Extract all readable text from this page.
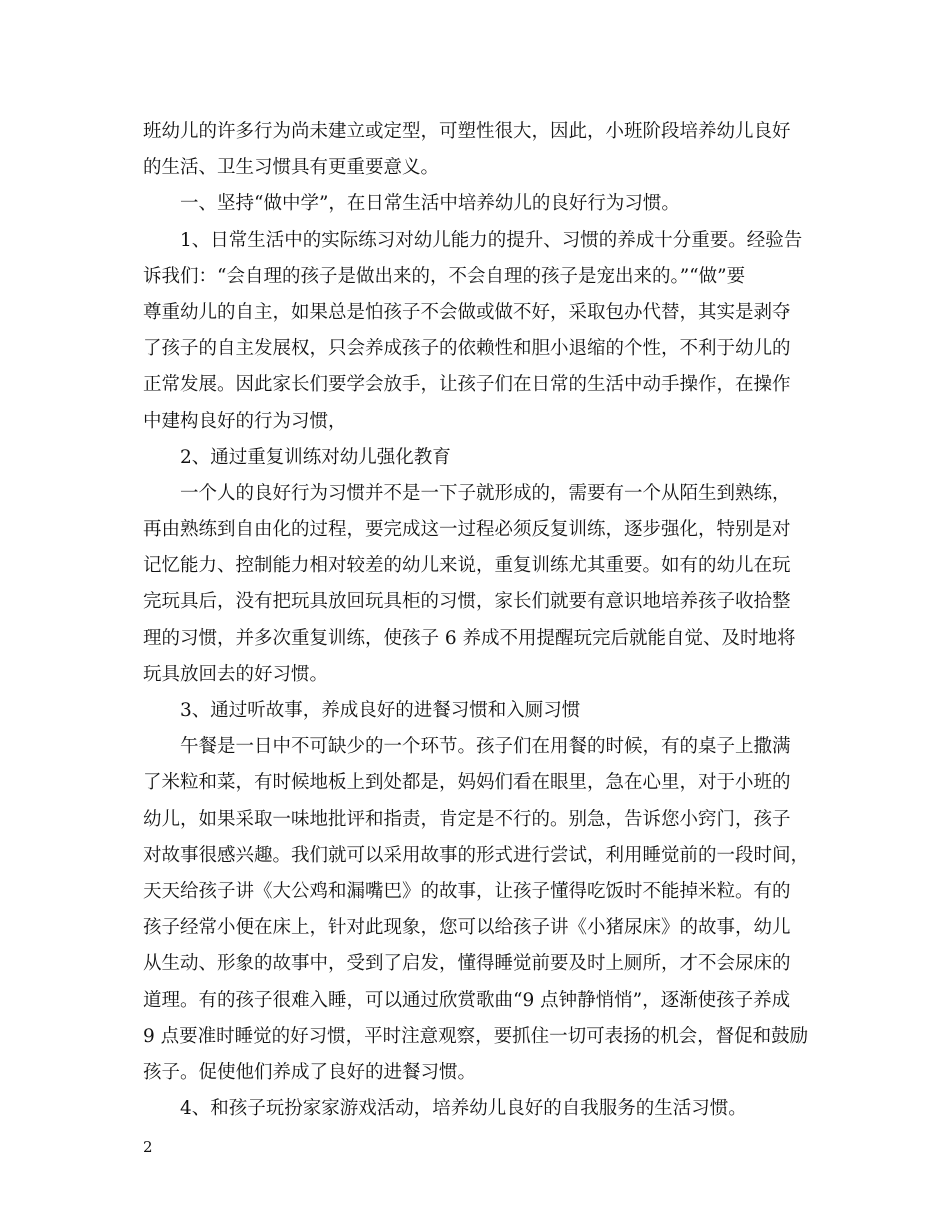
班幼儿的许多行为尚未建立或定型，可塑性很大，因此，小班阶段培养幼儿良好
的生活、卫生习惯具有更重要意义。
一、坚持“做中学”，在日常生活中培养幼儿的良好行为习惯。
1、日常生活中的实际练习对幼儿能力的提升、习惯的养成十分重要。经验告
诉我们：“会自理的孩子是做出来的，不会自理的孩子是宠出来的。”“做”要
尊重幼儿的自主，如果总是怕孩子不会做或做不好，采取包办代替，其实是剥夺
了孩子的自主发展权，只会养成孩子的依赖性和胆小退缩的个性，不利于幼儿的
正常发展。因此家长们要学会放手，让孩子们在日常的生活中动手操作，在操作
中建构良好的行为习惯，
2、通过重复训练对幼儿强化教育
一个人的良好行为习惯并不是一下子就形成的，需要有一个从陌生到熟练，
再由熟练到自由化的过程，要完成这一过程必须反复训练，逐步强化，特别是对
记忆能力、控制能力相对较差的幼儿来说，重复训练尤其重要。如有的幼儿在玩
完玩具后，没有把玩具放回玩具柜的习惯，家长们就要有意识地培养孩子收拾整
理的习惯，并多次重复训练，使孩子 6 养成不用提醒玩完后就能自觉、及时地将
玩具放回去的好习惯。
3、通过听故事，养成良好的进餐习惯和入厕习惯
午餐是一日中不可缺少的一个环节。孩子们在用餐的时候，有的桌子上撒满
了米粒和菜，有时候地板上到处都是，妈妈们看在眼里，急在心里，对于小班的
幼儿，如果采取一味地批评和指责，肯定是不行的。别急，告诉您小窍门，孩子
对故事很感兴趣。我们就可以采用故事的形式进行尝试，利用睡觉前的一段时间，
天天给孩子讲《大公鸡和漏嘴巴》的故事，让孩子懂得吃饭时不能掉米粒。有的
孩子经常小便在床上，针对此现象，您可以给孩子讲《小猪尿床》的故事，幼儿
从生动、形象的故事中，受到了启发，懂得睡觉前要及时上厕所，才不会尿床的
道理。有的孩子很难入睡，可以通过欣赏歌曲“9 点钟静悄悄”，逐渐使孩子养成
9 点要准时睡觉的好习惯，平时注意观察，要抓住一切可表扬的机会，督促和鼓励
孩子。促使他们养成了良好的进餐习惯。
4、和孩子玩扮家家游戏活动，培养幼儿良好的自我服务的生活习惯。
2
